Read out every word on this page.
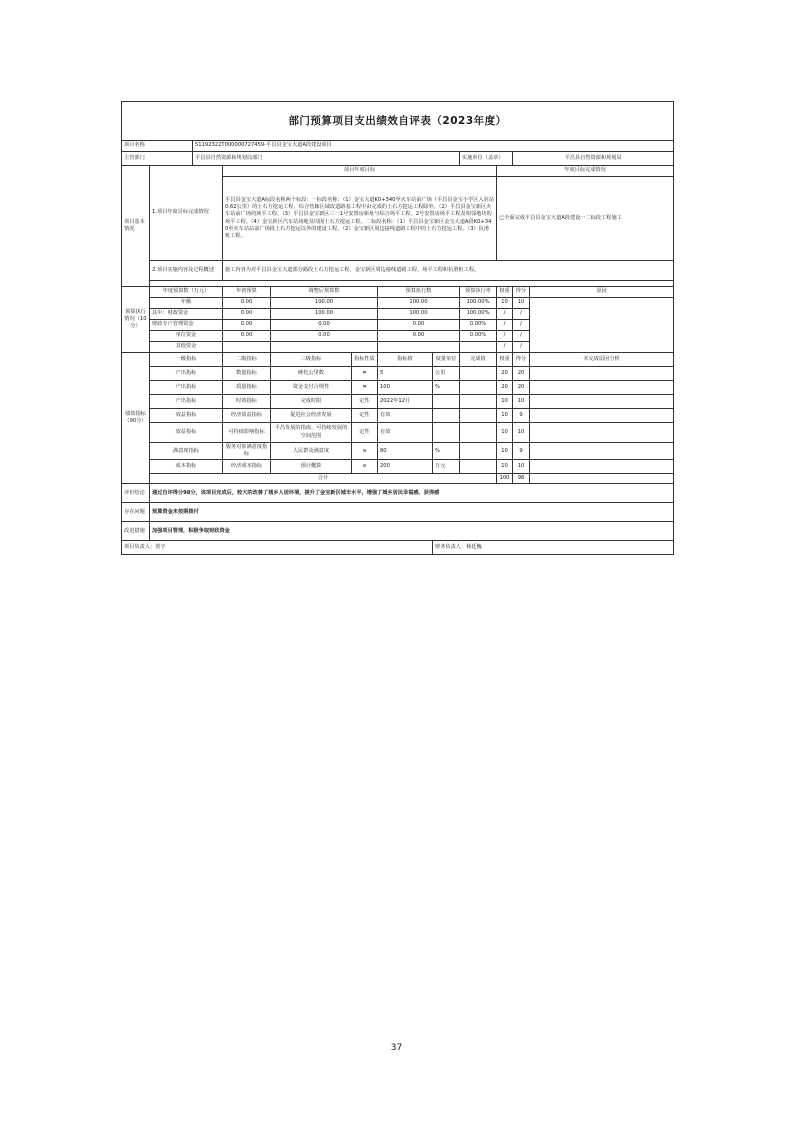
部门预算项目支出绩效自评表（2023年度）											
项目名称		51192322T000000727459-平昌县金宝大道A段建设项目									
主管部门		平昌县自然资源和规划局部门						实施单位（盖章）		平昌县自然资源和规划局	
项目基本情况	1.项目年度目标完成情况		项目年度目标						年度目标完成情况		
			平昌县金宝大道A标段名称两个标段：一标段名称：（1）金宝大道K0+340至火车站前广场（平昌县金宝小学区入驻站0.62公里）的土石方挖运工程、综合管廊区域改造路基工程中由完成的土石方挖运工程除外。（2）平昌县金宝新区火车站前广场的场平工程。（3）平昌县金宝新区三一1号安置房新址与综合场平工程、2号安置房场平工程及相邻地块的场平工程。（4）金宝新区汽车站场地及周围土石方挖运工程。二标段名称：（1）平昌县金宝新区金宝大道A段K0+340至火车站站前广场段土石方挖运以外的建设工程。（2）金宝新区周边接线道路工程中的土石方挖运工程。（3）抗滑桩工程。						已全面完成平昌县金宝大道A段建设一二标段工程施工		
	2.项目实施内容及过程概述		施工内容为对平昌县金宝大道部分路段土石方挖运工程、金宝新区周边接线道路工程、场平工程和抗滑桩工程。								

预算执行情况（10分）	年度预算数（万元）		年初预算	调整后预算数		预算执行数		预算执行率	权重	得分	原因
	年额		0.00	100.00		100.00		100.00%	10	10	
	其中：财政资金		0.00	100.00		100.00		100.00%	/	/	
	财政专户管理资金		0.00	0.00		0.00		0.00%	/	/	
	单位资金		0.00	0.00		0.00		0.00%	/	/	
	其他资金								/	/	
绩效指标（90分）	一级指标		二级指标	三级指标	指标性质	指标值	度量单位	完成值	权重	得分	未完成原因分析
	产出指标		数量指标	硬化公里数	=	5	公里		20	20	
	产出指标		质量指标	资金支付合规性	=	100	%		20	20	
	产出指标		时效指标	完成时限	定性	2022年12月			10	10	
	效益指标		经济效益指标	促进社会经济发展	定性	有效			10	9	
	效益指标		可持续影响指标	平昌发展的指南、可持续发展的空间范围	定性	有效			10	10	
	满意度指标		服务对象满意度指标	人民群众满意度	≥	80	%		10	9	
	成本指标		经济成本指标	预计概算	≤	200	万元		10	10	
	合计								100	98	
评价结论	通过自评得分98分，该项目完成后，较大的改善了城乡人居环境，提升了金宝新区城市水平，增强了城乡居民幸福感、获得感										
存在问题	预算资金未按期拨付										
改进措施	加强项目管理，积极争取财政资金										
项目负责人：贺宇							财务负责人：杨廷槐				
37
